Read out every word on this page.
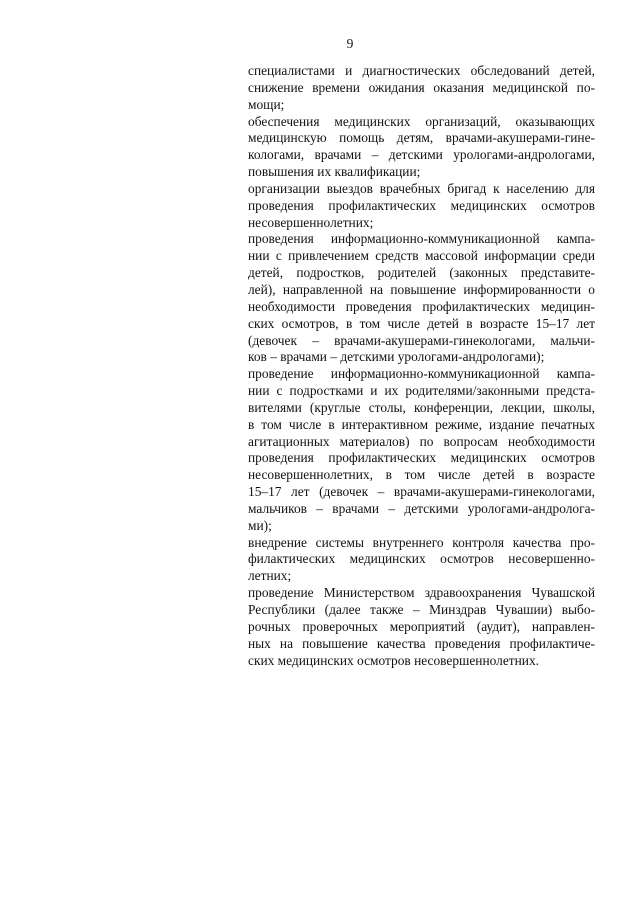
9
специалистами и диагностических обследований детей,
снижение времени ожидания оказания медицинской по-
мощи;
обеспечения медицинских организаций, оказывающих
медицинскую помощь детям, врачами-акушерами-гине-
кологами, врачами – детскими урологами-андрологами,
повышения их квалификации;
организации выездов врачебных бригад к населению для
проведения профилактических медицинских осмотров
несовершеннолетних;
проведения информационно-коммуникационной кампа-
нии с привлечением средств массовой информации среди
детей, подростков, родителей (законных представите-
лей), направленной на повышение информированности о
необходимости проведения профилактических медицин-
ских осмотров, в том числе детей в возрасте 15–17 лет
(девочек – врачами-акушерами-гинекологами, мальчи-
ков – врачами – детскими урологами-андрологами);
проведение информационно-коммуникационной кампа-
нии с подростками и их родителями/законными предста-
вителями (круглые столы, конференции, лекции, школы,
в том числе в интерактивном режиме, издание печатных
агитационных материалов) по вопросам необходимости
проведения профилактических медицинских осмотров
несовершеннолетних, в том числе детей в возрасте
15–17 лет (девочек – врачами-акушерами-гинекологами,
мальчиков – врачами – детскими урологами-андролога-
ми);
внедрение системы внутреннего контроля качества про-
филактических медицинских осмотров несовершенно-
летних;
проведение Министерством здравоохранения Чувашской
Республики (далее также – Минздрав Чувашии) выбо-
рочных проверочных мероприятий (аудит), направлен-
ных на повышение качества проведения профилактиче-
ских медицинских осмотров несовершеннолетних.
